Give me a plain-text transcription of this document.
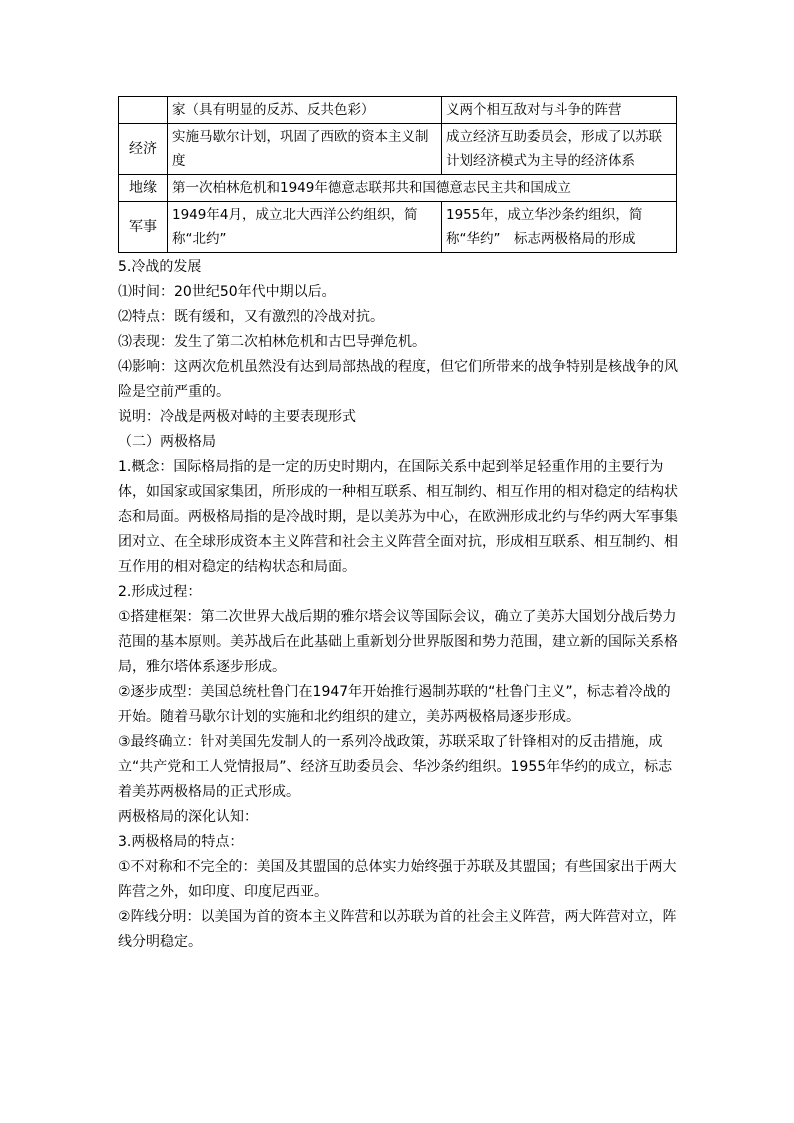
	家（具有明显的反苏、反共色彩）	义两个相互敌对与斗争的阵营
经济	实施马歇尔计划，巩固了西欧的资本主义制度	成立经济互助委员会，形成了以苏联计划经济模式为主导的经济体系
地缘	第一次柏林危机和1949年德意志联邦共和国德意志民主共和国成立	
军事	1949年4月，成立北大西洋公约组织，简称“北约”	1955年，成立华沙条约组织，简称“华约”　标志两极格局的形成

5.冷战的发展

⑴时间：20世纪50年代中期以后。

⑵特点：既有缓和，又有激烈的冷战对抗。

⑶表现：发生了第二次柏林危机和古巴导弹危机。

⑷影响：这两次危机虽然没有达到局部热战的程度，但它们所带来的战争特别是核战争的风险是空前严重的。

说明：冷战是两极对峙的主要表现形式

（二）两极格局

1.概念：国际格局指的是一定的历史时期内，在国际关系中起到举足轻重作用的主要行为体，如国家或国家集团，所形成的一种相互联系、相互制约、相互作用的相对稳定的结构状态和局面。两极格局指的是冷战时期，是以美苏为中心，在欧洲形成北约与华约两大军事集团对立、在全球形成资本主义阵营和社会主义阵营全面对抗，形成相互联系、相互制约、相互作用的相对稳定的结构状态和局面。

2.形成过程：

①搭建框架：第二次世界大战后期的雅尔塔会议等国际会议，确立了美苏大国划分战后势力范围的基本原则。美苏战后在此基础上重新划分世界版图和势力范围，建立新的国际关系格局，雅尔塔体系逐步形成。

②逐步成型：美国总统杜鲁门在1947年开始推行遏制苏联的“杜鲁门主义”，标志着冷战的开始。随着马歇尔计划的实施和北约组织的建立，美苏两极格局逐步形成。

③最终确立：针对美国先发制人的一系列冷战政策，苏联采取了针锋相对的反击措施，成立“共产党和工人党情报局”、经济互助委员会、华沙条约组织。1955年华约的成立，标志着美苏两极格局的正式形成。

两极格局的深化认知：

3.两极格局的特点：

①不对称和不完全的：美国及其盟国的总体实力始终强于苏联及其盟国；有些国家出于两大阵营之外，如印度、印度尼西亚。

②阵线分明：以美国为首的资本主义阵营和以苏联为首的社会主义阵营，两大阵营对立，阵线分明稳定。
